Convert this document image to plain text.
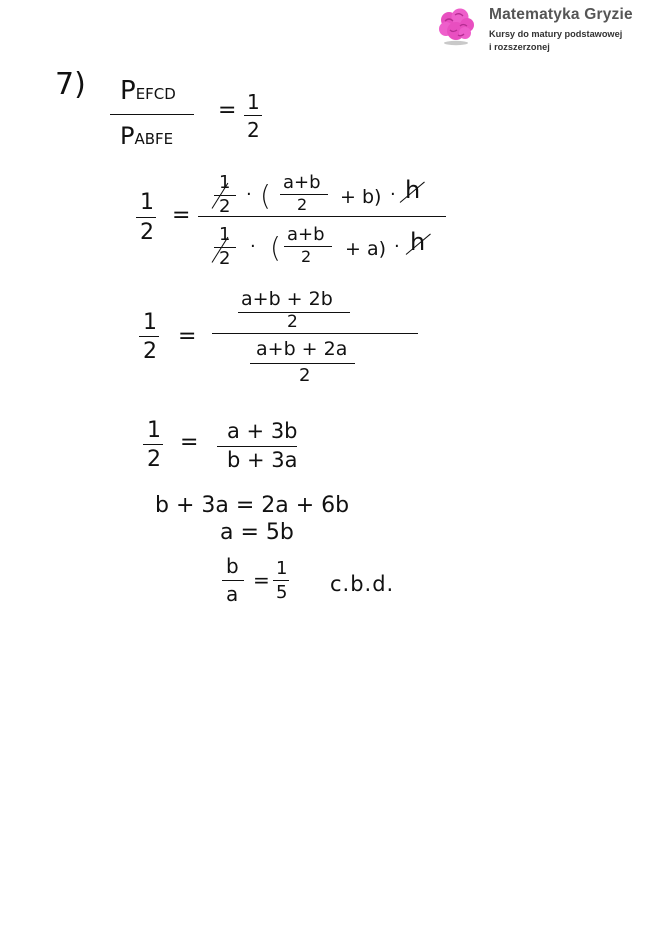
Matematyka Gryzie
Kursy do matury podstawowej
i rozszerzonej
7) PEFCD
PABFE
= 1
2
1
2
=
1
2
· ( a+b
2 + b) · h
1
2
· ( a+b
2 + a) · h
1
2
=
a+b + 2b
2
a+b + 2a
2
1
2
= a + 3b
b + 3a
b + 3a = 2a + 6b
a = 5b
b
a
= 1
5 c.b.d.
